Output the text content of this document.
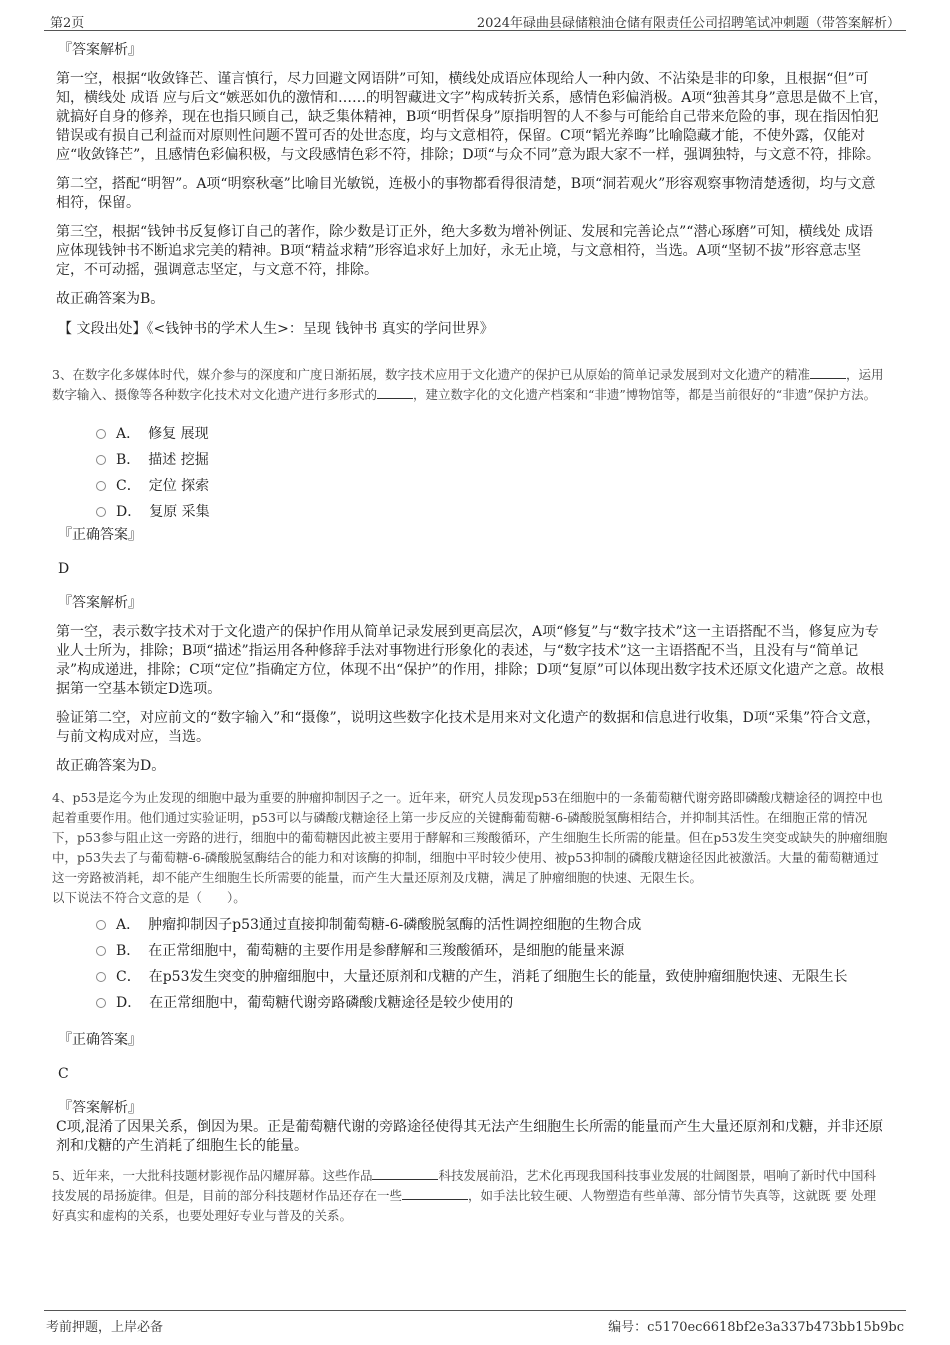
第2页	2024年碌曲县碌储粮油仓储有限责任公司招聘笔试冲刺题（带答案解析）

『答案解析』

第一空，根据“收敛锋芒、谨言慎行，尽力回避文网语阱”可知，横线处成语应体现给人一种内敛、不沾染是非的印象，且根据“但”可知，横线处 成语 应与后文“嫉恶如仇的激情和……的明智藏进文字”构成转折关系，感情色彩偏消极。A项“独善其身”意思是做不上官，就搞好自身的修养，现在也指只顾自己，缺乏集体精神，B项“明哲保身”原指明智的人不参与可能给自己带来危险的事，现在指因怕犯错误或有损自己利益而对原则性问题不置可否的处世态度，均与文意相符，保留。C项“韬光养晦”比喻隐藏才能，不使外露，仅能对应“收敛锋芒”，且感情色彩偏积极，与文段感情色彩不符，排除；D项“与众不同”意为跟大家不一样，强调独特，与文意不符，排除。

第二空，搭配“明智”。A项“明察秋毫”比喻目光敏锐，连极小的事物都看得很清楚，B项“洞若观火”形容观察事物清楚透彻，均与文意相符，保留。

第三空，根据“钱钟书反复修订自己的著作，除少数是订正外，绝大多数为增补例证、发展和完善论点”“潜心琢磨”可知，横线处 成语 应体现钱钟书不断追求完美的精神。B项“精益求精”形容追求好上加好，永无止境，与文意相符，当选。A项“坚韧不拔”形容意志坚定，不可动摇，强调意志坚定，与文意不符，排除。

故正确答案为B。

【 文段出处】《<钱钟书的学术人生>：呈现 钱钟书 真实的学问世界》

3、在数字化多媒体时代，媒介参与的深度和广度日渐拓展，数字技术应用于文化遗产的保护已从原始的简单记录发展到对文化遗产的精准	，运用数字输入、摄像等各种数字化技术对文化遗产进行多形式的	，建立数字化的文化遗产档案和“非遗”博物馆等，都是当前很好的“非遗”保护方法。

A． 修复 展现
B． 描述 挖掘
C． 定位 探索
D． 复原 采集

『正确答案』

D

『答案解析』

第一空，表示数字技术对于文化遗产的保护作用从简单记录发展到更高层次，A项“修复”与“数字技术”这一主语搭配不当，修复应为专业人士所为，排除；B项“描述”指运用各种修辞手法对事物进行形象化的表述，与“数字技术”这一主语搭配不当，且没有与“简单记录”构成递进，排除；C项“定位”指确定方位，体现不出“保护”的作用，排除；D项“复原”可以体现出数字技术还原文化遗产之意。故根据第一空基本锁定D选项。

验证第二空，对应前文的“数字输入”和“摄像”，说明这些数字化技术是用来对文化遗产的数据和信息进行收集，D项“采集”符合文意，与前文构成对应，当选。

故正确答案为D。

4、p53是迄今为止发现的细胞中最为重要的肿瘤抑制因子之一。近年来，研究人员发现p53在细胞中的一条葡萄糖代谢旁路即磷酸戊糖途径的调控中也起着重要作用。他们通过实验证明，p53可以与磷酸戊糖途径上第一步反应的关键酶葡萄糖-6-磷酸脱氢酶相结合，并抑制其活性。在细胞正常的情况下，p53参与阻止这一旁路的进行，细胞中的葡萄糖因此被主要用于酵解和三羧酸循环，产生细胞生长所需的能量。但在p53发生突变或缺失的肿瘤细胞中，p53失去了与葡萄糖-6-磷酸脱氢酶结合的能力和对该酶的抑制，细胞中平时较少使用、被p53抑制的磷酸戊糖途径因此被激活。大量的葡萄糖通过这一旁路被消耗，却不能产生细胞生长所需要的能量，而产生大量还原剂及戊糖，满足了肿瘤细胞的快速、无限生长。

以下说法不符合文意的是（　　）。

A． 肿瘤抑制因子p53通过直接抑制葡萄糖-6-磷酸脱氢酶的活性调控细胞的生物合成
B． 在正常细胞中，葡萄糖的主要作用是参酵解和三羧酸循环，是细胞的能量来源
C． 在p53发生突变的肿瘤细胞中，大量还原剂和戊糖的产生，消耗了细胞生长的能量，致使肿瘤细胞快速、无限生长
D． 在正常细胞中，葡萄糖代谢旁路磷酸戊糖途径是较少使用的

『正确答案』

C

『答案解析』

C项,混淆了因果关系，倒因为果。正是葡萄糖代谢的旁路途径使得其无法产生细胞生长所需的能量而产生大量还原剂和戊糖，并非还原剂和戊糖的产生消耗了细胞生长的能量。

5、近年来，一大批科技题材影视作品闪耀屏幕。这些作品	科技发展前沿，艺术化再现我国科技事业发展的壮阔图景，唱响了新时代中国科技发展的昂扬旋律。但是，目前的部分科技题材作品还存在一些	，如手法比较生硬、人物塑造有些单薄、部分情节失真等，这就既 要 处理好真实和虚构的关系，也要处理好专业与普及的关系。

考前押题，上岸必备	编号：c5170ec6618bf2e3a337b473bb15b9bc
